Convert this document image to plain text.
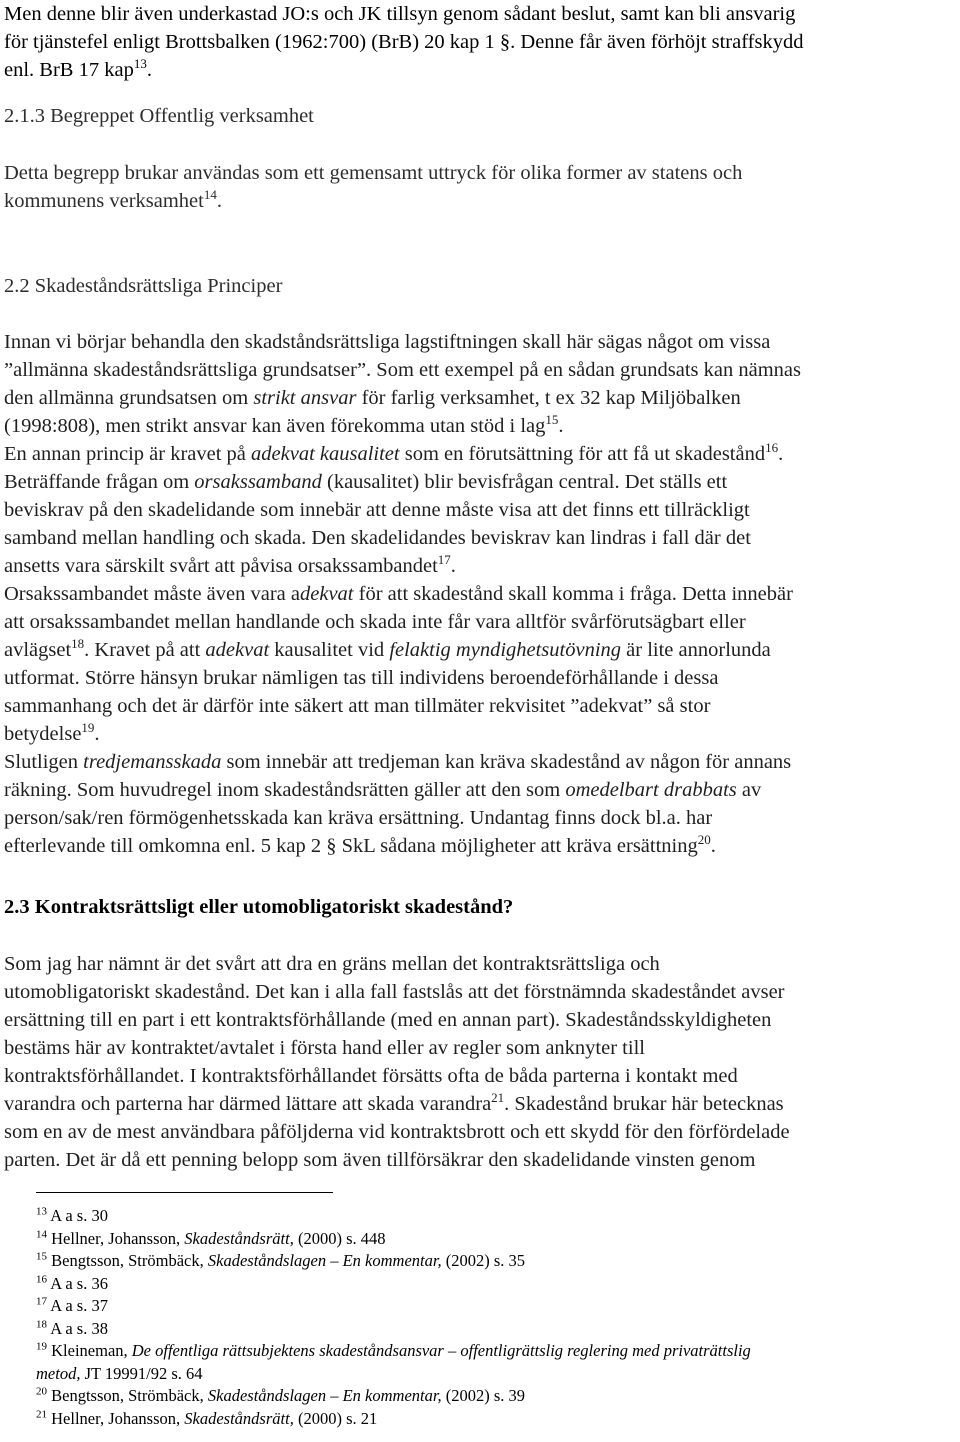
Men denne blir även underkastad JO:s och JK tillsyn genom sådant beslut, samt kan bli ansvarig
för tjänstefel enligt Brottsbalken (1962:700) (BrB) 20 kap 1 §. Denne får även förhöjt straffskydd
enl. BrB 17 kap$^{13}$.
2.1.3 Begreppet Offentlig verksamhet
Detta begrepp brukar användas som ett gemensamt uttryck för olika former av statens och
kommunens verksamhet$^{14}$.
2.2 Skadeståndsrättsliga Principer
Innan vi börjar behandla den skadståndsrättsliga lagstiftningen skall här sägas något om vissa
”allmänna skadeståndsrättsliga grundsatser”. Som ett exempel på en sådan grundsats kan nämnas
den allmänna grundsatsen om strikt ansvar för farlig verksamhet, t ex 32 kap Miljöbalken
(1998:808), men strikt ansvar kan även förekomma utan stöd i lag$^{15}$.
En annan princip är kravet på adekvat kausalitet som en förutsättning för att få ut skadestånd$^{16}$.
Beträffande frågan om orsakssamband (kausalitet) blir bevisfrågan central. Det ställs ett
beviskrav på den skadelidande som innebär att denne måste visa att det finns ett tillräckligt
samband mellan handling och skada. Den skadelidandes beviskrav kan lindras i fall där det
ansetts vara särskilt svårt att påvisa orsakssambandet$^{17}$.
Orsakssambandet måste även vara adekvat för att skadestånd skall komma i fråga. Detta innebär
att orsakssambandet mellan handlande och skada inte får vara alltför svårförutsägbart eller
avlägset$^{18}$. Kravet på att adekvat kausalitet vid felaktig myndighetsutövning är lite annorlunda
utformat. Större hänsyn brukar nämligen tas till individens beroendeförhållande i dessa
sammanhang och det är därför inte säkert att man tillmäter rekvisitet ”adekvat” så stor
betydelse$^{19}$.
Slutligen tredjemansskada som innebär att tredjeman kan kräva skadestånd av någon för annans
räkning. Som huvudregel inom skadeståndsrätten gäller att den som omedelbart drabbats av
person/sak/ren förmögenhetsskada kan kräva ersättning. Undantag finns dock bl.a. har
efterlevande till omkomna enl. 5 kap 2 § SkL sådana möjligheter att kräva ersättning$^{20}$.
2.3 Kontraktsrättsligt eller utomobligatoriskt skadestånd?
Som jag har nämnt är det svårt att dra en gräns mellan det kontraktsrättsliga och
utomobligatoriskt skadestånd. Det kan i alla fall fastslås att det förstnämnda skadeståndet avser
ersättning till en part i ett kontraktsförhållande (med en annan part). Skadeståndsskyldigheten
bestäms här av kontraktet/avtalet i första hand eller av regler som anknyter till
kontraktsförhållandet. I kontraktsförhållandet försätts ofta de båda parterna i kontakt med
varandra och parterna har därmed lättare att skada varandra$^{21}$. Skadestånd brukar här betecknas
som en av de mest användbara påföljderna vid kontraktsbrott och ett skydd för den förfördelade
parten. Det är då ett penning belopp som även tillförsäkrar den skadelidande vinsten genom

$^{13}$ A a s. 30

$^{14}$ Hellner, Johansson, Skadeståndsrätt, (2000) s. 448

$^{15}$ Bengtsson, Strömbäck, Skadeståndslagen – En kommentar, (2002) s. 35

$^{16}$ A a s. 36

$^{17}$ A a s. 37

$^{18}$ A a s. 38

$^{19}$ Kleineman, De offentliga rättsubjektens skadeståndsansvar – offentligrättslig reglering med privaträttslig
metod, JT 19991/92 s. 64

$^{20}$ Bengtsson, Strömbäck, Skadeståndslagen – En kommentar, (2002) s. 39

$^{21}$ Hellner, Johansson, Skadeståndsrätt, (2000) s. 21
